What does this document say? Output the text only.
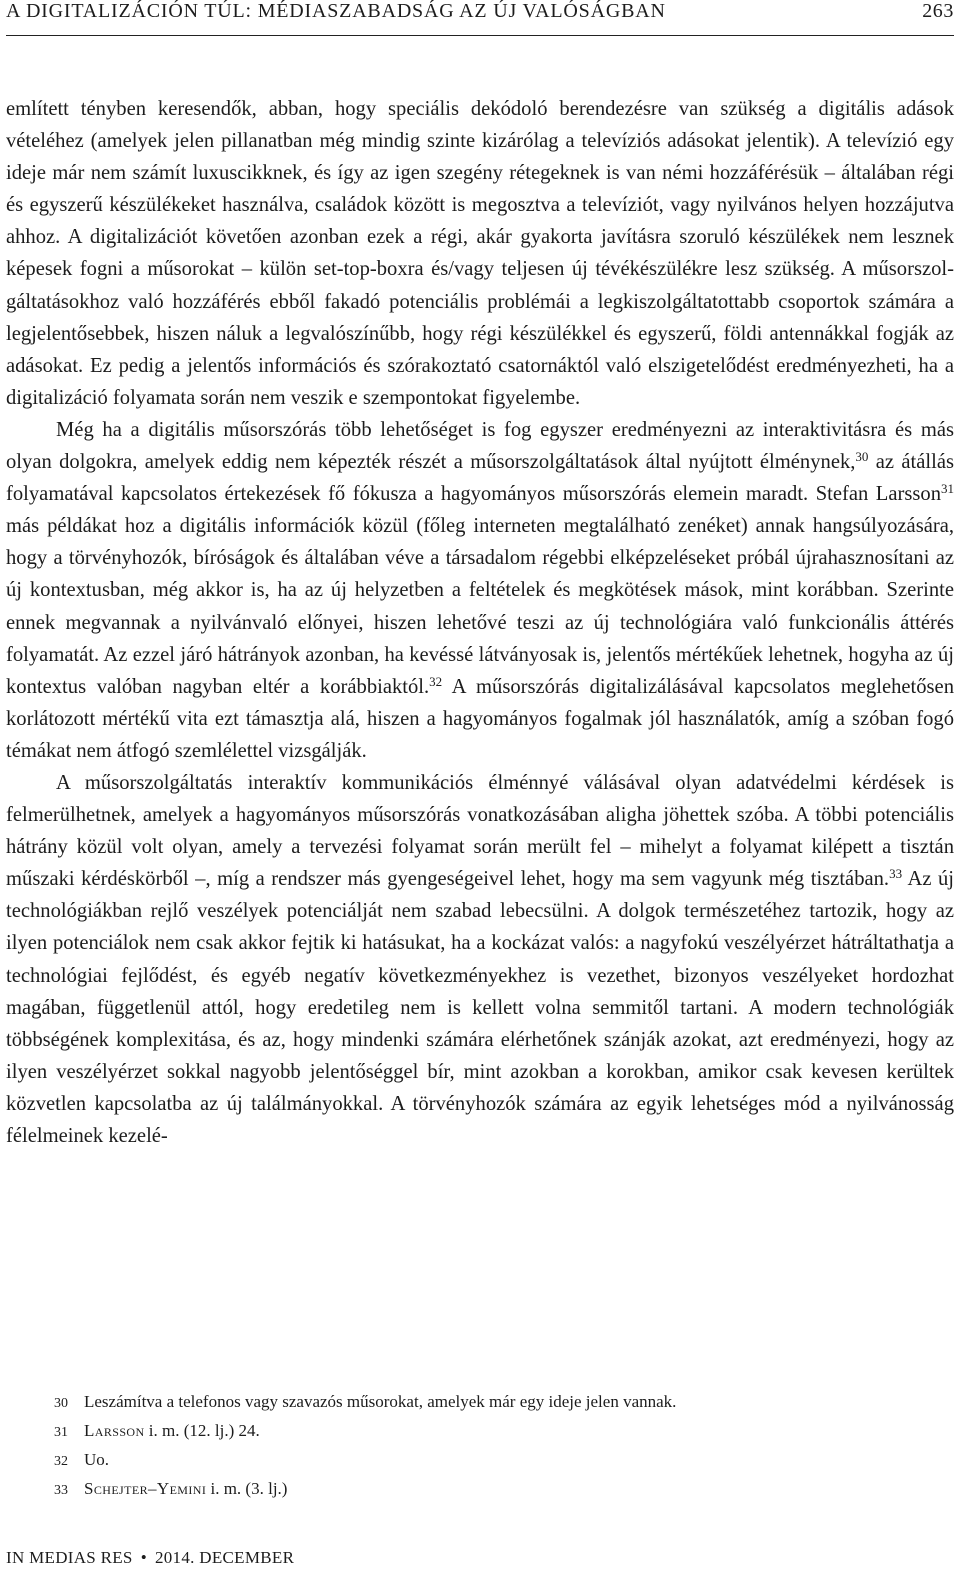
A DIGITALIZÁCIÓN TÚL: MÉDIASZABADSÁG AZ ÚJ VALÓSÁGBAN	263

említett tényben keresendők, abban, hogy speciális dekódoló berendezésre van szükség a digitális adások vételéhez (amelyek jelen pillanatban még mindig szinte kizárólag a televíziós adásokat jelentik). A televízió egy ideje már nem számít luxuscikknek, és így az igen szegény rétegeknek is van némi hozzáférésük – általában régi és egyszerű készülékeket használva, családok között is megosztva a televíziót, vagy nyilvános helyen hozzájutva ahhoz. A digitalizációt követően azonban ezek a régi, akár gyakorta javításra szoruló készülékek nem lesznek képesek fogni a műsorokat – külön set-top-boxra és/vagy teljesen új tévékészülékre lesz szükség. A műsorszolgáltatásokhoz való hozzáférés ebből fakadó potenciális problémái a legkiszolgáltatottabb csoportok számára a legjelentősebbek, hiszen náluk a legvalószínűbb, hogy régi készülékkel és egyszerű, földi antennákkal fogják az adásokat. Ez pedig a jelentős információs és szórakoztató csatornáktól való elszigetelődést eredményezheti, ha a digitalizáció folyamata során nem veszik e szempontokat figyelembe.

Még ha a digitális műsorszórás több lehetőséget is fog egyszer eredményezni az interaktivitásra és más olyan dolgokra, amelyek eddig nem képezték részét a műsorszolgáltatások által nyújtott élménynek,$^{30}$ az átállás folyamatával kapcsolatos értekezések fő fókusza a hagyományos műsorszórás elemein maradt. Stefan Larsson$^{31}$ más példákat hoz a digitális információk közül (főleg interneten megtalálható zenéket) annak hangsúlyozására, hogy a törvényhozók, bíróságok és általában véve a társadalom régebbi elképzeléseket próbál újrahasznosítani az új kontextusban, még akkor is, ha az új helyzetben a feltételek és megkötések mások, mint korábban. Szerinte ennek megvannak a nyilvánvaló előnyei, hiszen lehetővé teszi az új technológiára való funkcionális áttérés folyamatát. Az ezzel járó hátrányok azonban, ha kevéssé látványosak is, jelentős mértékűek lehetnek, hogyha az új kontextus valóban nagyban eltér a korábbiaktól.$^{32}$ A műsorszórás digitalizálásával kapcsolatos meglehetősen korlátozott mértékű vita ezt támasztja alá, hiszen a hagyományos fogalmak jól használatók, amíg a szóban fogó témákat nem átfogó szemlélettel vizsgálják.

A műsorszolgáltatás interaktív kommunikációs élménnyé válásával olyan adatvédelmi kérdések is felmerülhetnek, amelyek a hagyományos műsorszórás vonatkozásában aligha jöhettek szóba. A többi potenciális hátrány közül volt olyan, amely a tervezési folyamat során merült fel – mihelyt a folyamat kilépett a tisztán műszaki kérdéskörből –, míg a rendszer más gyengeségeivel lehet, hogy ma sem vagyunk még tisztában.$^{33}$ Az új technológiákban rejlő veszélyek potenciálját nem szabad lebecsülni. A dolgok természetéhez tartozik, hogy az ilyen potenciálok nem csak akkor fejtik ki hatásukat, ha a kockázat valós: a nagyfokú veszélyérzet hátráltathatja a technológiai fejlődést, és egyéb negatív következményekhez is vezethet, bizonyos veszélyeket hordozhat magában, függetlenül attól, hogy eredetileg nem is kellett volna semmitől tartani. A modern technológiák többségének komplexitása, és az, hogy mindenki számára elérhetőnek szánják azokat, azt eredményezi, hogy az ilyen veszélyérzet sokkal nagyobb jelentőséggel bír, mint azokban a korokban, amikor csak kevesen kerültek közvetlen kapcsolatba az új találmányokkal. A törvényhozók számára az egyik lehetséges mód a nyilvánosság félelmeinek kezelé-

30 Leszámítva a telefonos vagy szavazós műsorokat, amelyek már egy ideje jelen vannak.
31 Larsson i. m. (12. lj.) 24.
32 Uo.
33 Schejter–Yemini i. m. (3. lj.)
IN MEDIAS RES • 2014. DECEMBER
